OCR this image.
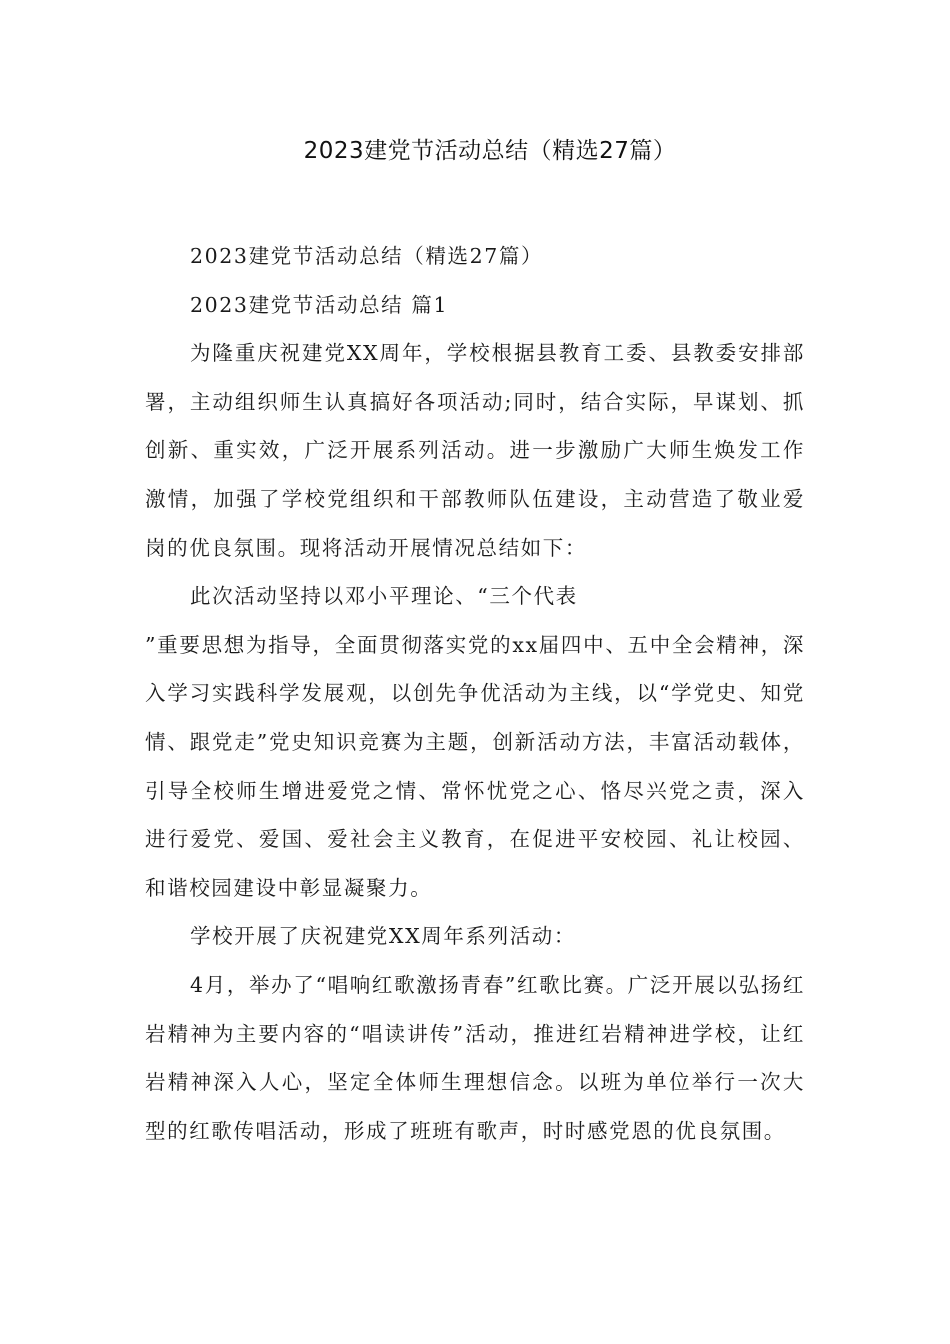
2023建党节活动总结（精选27篇）

2023建党节活动总结（精选27篇）

2023建党节活动总结 篇1

为隆重庆祝建党XX周年，学校根据县教育工委、县教委安排部署，主动组织师生认真搞好各项活动;同时，结合实际，早谋划、抓创新、重实效，广泛开展系列活动。进一步激励广大师生焕发工作激情，加强了学校党组织和干部教师队伍建设，主动营造了敬业爱岗的优良氛围。现将活动开展情况总结如下：

此次活动坚持以邓小平理论、“三个代表

”重要思想为指导，全面贯彻落实党的xx届四中、五中全会精神，深入学习实践科学发展观，以创先争优活动为主线，以“学党史、知党情、跟党走”党史知识竞赛为主题，创新活动方法，丰富活动载体，引导全校师生增进爱党之情、常怀忧党之心、恪尽兴党之责，深入进行爱党、爱国、爱社会主义教育，在促进平安校园、礼让校园、和谐校园建设中彰显凝聚力。

学校开展了庆祝建党XX周年系列活动：

4月，举办了“唱响红歌激扬青春”红歌比赛。广泛开展以弘扬红岩精神为主要内容的“唱读讲传”活动，推进红岩精神进学校，让红岩精神深入人心，坚定全体师生理想信念。以班为单位举行一次大型的红歌传唱活动，形成了班班有歌声，时时感党恩的优良氛围。
